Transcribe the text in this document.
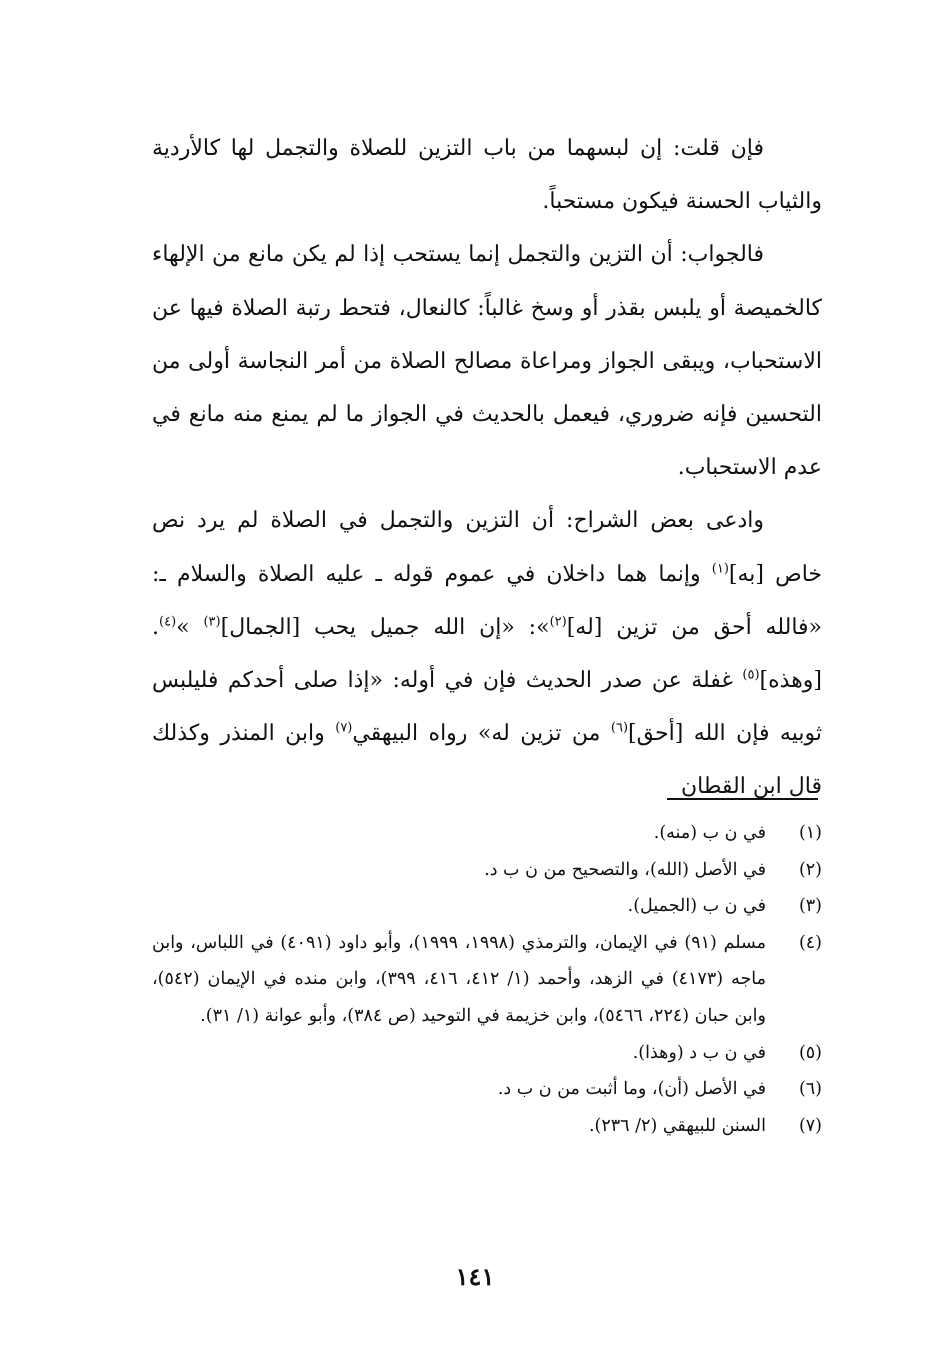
فإن قلت: إن لبسهما من باب التزين للصلاة والتجمل لها كالأردية والثياب الحسنة فيكون مستحباً.

فالجواب: أن التزين والتجمل إنما يستحب إذا لم يكن مانع من الإلهاء كالخميصة أو يلبس بقذر أو وسخ غالباً: كالنعال، فتحط رتبة الصلاة فيها عن الاستحباب، ويبقى الجواز ومراعاة مصالح الصلاة من أمر النجاسة أولى من التحسين فإنه ضروري، فيعمل بالحديث في الجواز ما لم يمنع منه مانع في عدم الاستحباب.

وادعى بعض الشراح: أن التزين والتجمل في الصلاة لم يرد نص خاص [به]$^{(١)}$ وإنما هما داخلان في عموم قوله ـ عليه الصلاة والسلام ـ: «فالله أحق من تزين [له]$^{(٢)}$»: «إن الله جميل يحب [الجمال]$^{(٣)}$ »$^{(٤)}$. [وهذه]$^{(٥)}$ غفلة عن صدر الحديث فإن في أوله: «إذا صلى أحدكم فليلبس ثوبيه فإن الله [أحق]$^{(٦)}$ من تزين له» رواه البيهقي$^{(٧)}$ وابن المنذر وكذلك قال ابن القطان

(١)
في ن ب (منه).
(٢)
في الأصل (الله)، والتصحيح من ن ب د.
(٣)
في ن ب (الجميل).
(٤)
مسلم (٩١) في الإيمان، والترمذي (١٩٩٨، ١٩٩٩)، وأبو داود (٤٠٩١) في اللباس، وابن ماجه (٤١٧٣) في الزهد، وأحمد (١/ ٤١٢، ٤١٦، ٣٩٩)، وابن منده في الإيمان (٥٤٢)، وابن حبان (٢٢٤، ٥٤٦٦)، وابن خزيمة في التوحيد (ص ٣٨٤)، وأبو عوانة (١/ ٣١).
(٥)
في ن ب د (وهذا).
(٦)
في الأصل (أن)، وما أثبت من ن ب د.
(٧)
السنن للبيهقي (٢/ ٢٣٦).
١٤١
